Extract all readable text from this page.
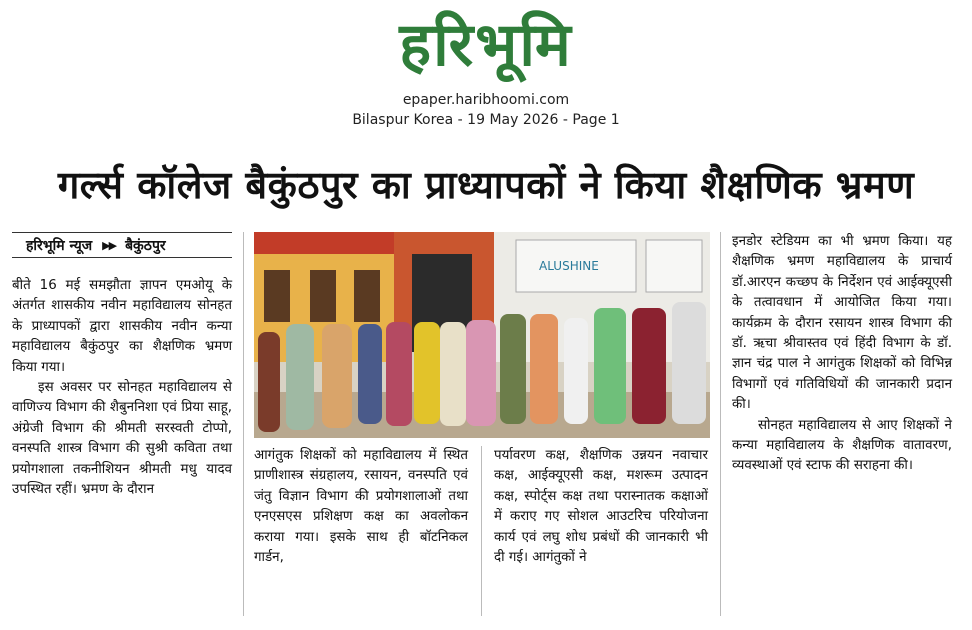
हरिभूमि
epaper.haribhoomi.com
Bilaspur Korea - 19 May 2026 - Page 1
गर्ल्स कॉलेज बैकुंठपुर का प्राध्यापकों ने किया शैक्षणिक भ्रमण
हरिभूमि न्यूज ▶▶ बैकुंठपुर

बीते 16 मई समझौता ज्ञापन एमओयू के अंतर्गत शासकीय नवीन महाविद्यालय सोनहत के प्राध्यापकों द्वारा शासकीय नवीन कन्या महाविद्यालय बैकुंठपुर का शैक्षणिक भ्रमण किया गया।

इस अवसर पर सोनहत महाविद्यालय से वाणिज्य विभाग की शैबुननिशा एवं प्रिया साहू, अंग्रेजी विभाग की श्रीमती सरस्वती टोप्पो, वनस्पति शास्त्र विभाग की सुश्री कविता तथा प्रयोगशाला तकनीशियन श्रीमती मधु यादव उपस्थित रहीं। भ्रमण के दौरान

ALUSHINE

आगंतुक शिक्षकों को महाविद्यालय में स्थित प्राणीशास्त्र संग्रहालय, रसायन, वनस्पति एवं जंतु विज्ञान विभाग की प्रयोगशालाओं तथा एनएसएस प्रशिक्षण कक्ष का अवलोकन कराया गया। इसके साथ ही बॉटनिकल गार्डन,

पर्यावरण कक्ष, शैक्षणिक उन्नयन नवाचार कक्ष, आईक्यूएसी कक्ष, मशरूम उत्पादन कक्ष, स्पोर्ट्स कक्ष तथा परास्नातक कक्षाओं में कराए गए सोशल आउटरिच परियोजना कार्य एवं लघु शोध प्रबंधों की जानकारी भी दी गई। आगंतुकों ने

इनडोर स्टेडियम का भी भ्रमण किया। यह शैक्षणिक भ्रमण महाविद्यालय के प्राचार्य डॉ.आरएन कच्छप के निर्देशन एवं आईक्यूएसी के तत्वावधान में आयोजित किया गया। कार्यक्रम के दौरान रसायन शास्त्र विभाग की डॉ. ऋचा श्रीवास्तव एवं हिंदी विभाग के डॉ. ज्ञान चंद्र पाल ने आगंतुक शिक्षकों को विभिन्न विभागों एवं गतिविधियों की जानकारी प्रदान की।

सोनहत महाविद्यालय से आए शिक्षकों ने कन्या महाविद्यालय के शैक्षणिक वातावरण, व्यवस्थाओं एवं स्टाफ की सराहना की।
